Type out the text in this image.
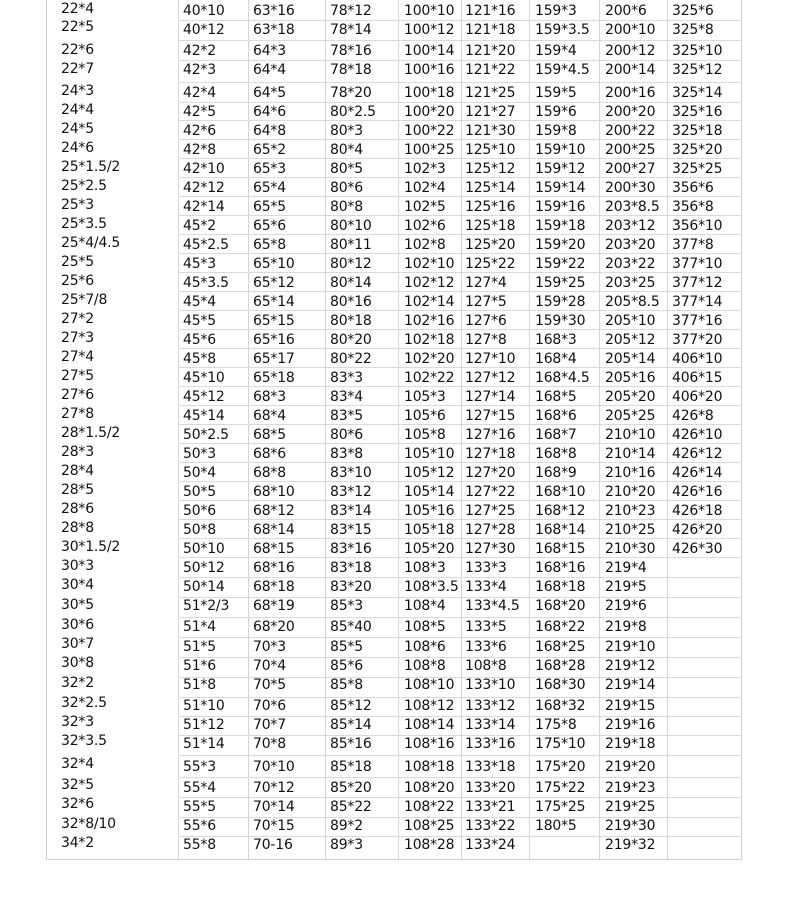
22*4
22*5
22*6
22*7
24*3
24*4
24*5
24*6
25*1.5/2
25*2.5
25*3
25*3.5
25*4/4.5
25*5
25*6
25*7/8
27*2
27*3
27*4
27*5
27*6
27*8
28*1.5/2
28*3
28*4
28*5
28*6
28*8
30*1.5/2
30*3
30*4
30*5
30*6
30*7
30*8
32*2
32*2.5
32*3
32*3.5
32*4
32*5
32*6
32*8/10
34*2
40*10
40*12
42*2
42*3
42*4
42*5
42*6
42*8
42*10
42*12
42*14
45*2
45*2.5
45*3
45*3.5
45*4
45*5
45*6
45*8
45*10
45*12
45*14
50*2.5
50*3
50*4
50*5
50*6
50*8
50*10
50*12
50*14
51*2/3
51*4
51*5
51*6
51*8
51*10
51*12
51*14
55*3
55*4
55*5
55*6
55*8
63*16
63*18
64*3
64*4
64*5
64*6
64*8
65*2
65*3
65*4
65*5
65*6
65*8
65*10
65*12
65*14
65*15
65*16
65*17
65*18
68*3
68*4
68*5
68*6
68*8
68*10
68*12
68*14
68*15
68*16
68*18
68*19
68*20
70*3
70*4
70*5
70*6
70*7
70*8
70*10
70*12
70*14
70*15
70-16
78*12
78*14
78*16
78*18
78*20
80*2.5
80*3
80*4
80*5
80*6
80*8
80*10
80*11
80*12
80*14
80*16
80*18
80*20
80*22
83*3
83*4
83*5
80*6
83*8
83*10
83*12
83*14
83*15
83*16
83*18
83*20
85*3
85*40
85*5
85*6
85*8
85*12
85*14
85*16
85*18
85*20
85*22
89*2
89*3
100*10
100*12
100*14
100*16
100*18
100*20
100*22
100*25
102*3
102*4
102*5
102*6
102*8
102*10
102*12
102*14
102*16
102*18
102*20
102*22
105*3
105*6
105*8
105*10
105*12
105*14
105*16
105*18
105*20
108*3
108*3.5
108*4
108*5
108*6
108*8
108*10
108*12
108*14
108*16
108*18
108*20
108*22
108*25
108*28
121*16
121*18
121*20
121*22
121*25
121*27
121*30
125*10
125*12
125*14
125*16
125*18
125*20
125*22
127*4
127*5
127*6
127*8
127*10
127*12
127*14
127*15
127*16
127*18
127*20
127*22
127*25
127*28
127*30
133*3
133*4
133*4.5
133*5
133*6
108*8
133*10
133*12
133*14
133*16
133*18
133*20
133*21
133*22
133*24
159*3
159*3.5
159*4
159*4.5
159*5
159*6
159*8
159*10
159*12
159*14
159*16
159*18
159*20
159*22
159*25
159*28
159*30
168*3
168*4
168*4.5
168*5
168*6
168*7
168*8
168*9
168*10
168*12
168*14
168*15
168*16
168*18
168*20
168*22
168*25
168*28
168*30
168*32
175*8
175*10
175*20
175*22
175*25
180*5
200*6
200*10
200*12
200*14
200*16
200*20
200*22
200*25
200*27
200*30
203*8.5
203*12
203*20
203*22
203*25
205*8.5
205*10
205*12
205*14
205*16
205*20
205*25
210*10
210*14
210*16
210*20
210*23
210*25
210*30
219*4
219*5
219*6
219*8
219*10
219*12
219*14
219*15
219*16
219*18
219*20
219*23
219*25
219*30
219*32
325*6
325*8
325*10
325*12
325*14
325*16
325*18
325*20
325*25
356*6
356*8
356*10
377*8
377*10
377*12
377*14
377*16
377*20
406*10
406*15
406*20
426*8
426*10
426*12
426*14
426*16
426*18
426*20
426*30
